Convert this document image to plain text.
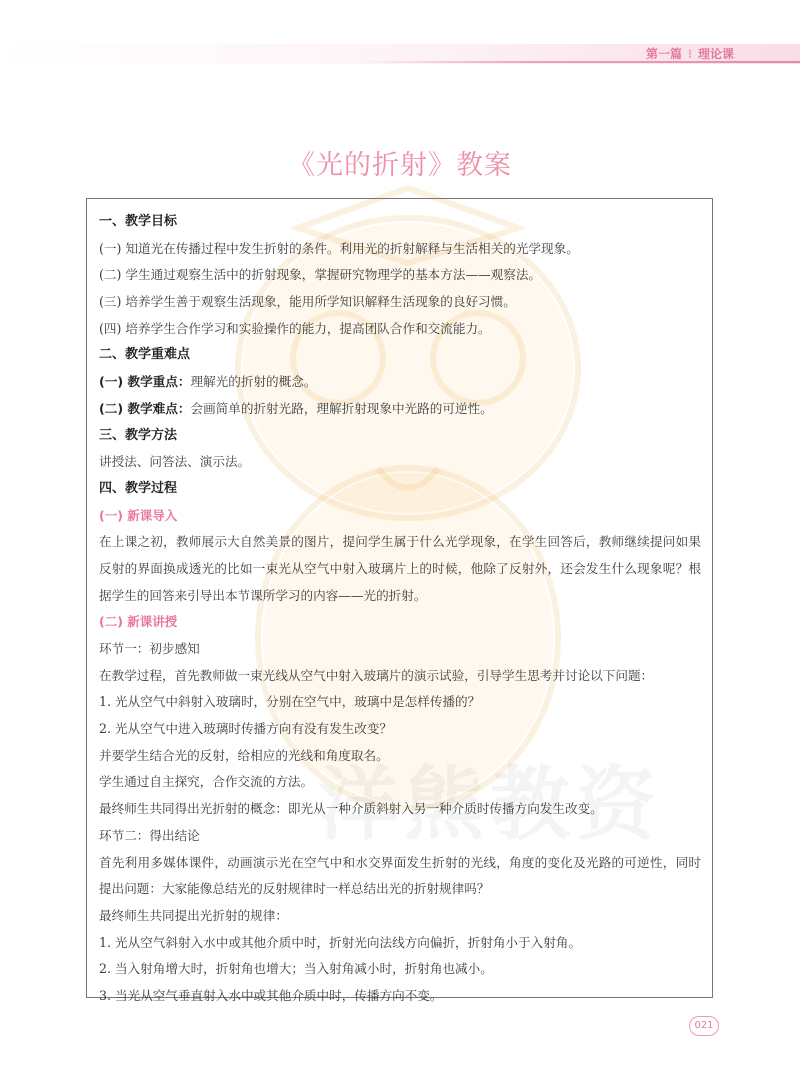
第一篇 ⁝ 理论课
《光的折射》教案

一、教学目标

(一) 知道光在传播过程中发生折射的条件。利用光的折射解释与生活相关的光学现象。

(二) 学生通过观察生活中的折射现象，掌握研究物理学的基本方法——观察法。

(三) 培养学生善于观察生活现象，能用所学知识解释生活现象的良好习惯。

(四) 培养学生合作学习和实验操作的能力，提高团队合作和交流能力。

二、教学重难点

(一) 教学重点：理解光的折射的概念。

(二) 教学难点：会画简单的折射光路，理解折射现象中光路的可逆性。

三、教学方法

讲授法、问答法、演示法。

四、教学过程

(一) 新课导入

在上课之初，教师展示大自然美景的图片，提问学生属于什么光学现象，在学生回答后，教师继续提问如果反射的界面换成透光的比如一束光从空气中射入玻璃片上的时候，他除了反射外，还会发生什么现象呢？根据学生的回答来引导出本节课所学习的内容——光的折射。

(二) 新课讲授

环节一：初步感知

在教学过程，首先教师做一束光线从空气中射入玻璃片的演示试验，引导学生思考并讨论以下问题：

1. 光从空气中斜射入玻璃时，分别在空气中，玻璃中是怎样传播的？

2. 光从空气中进入玻璃时传播方向有没有发生改变？

并要学生结合光的反射，给相应的光线和角度取名。

学生通过自主探究，合作交流的方法。

最终师生共同得出光折射的概念：即光从一种介质斜射入另一种介质时传播方向发生改变。

环节二：得出结论

首先利用多媒体课件，动画演示光在空气中和水交界面发生折射的光线，角度的变化及光路的可逆性，同时提出问题：大家能像总结光的反射规律时一样总结出光的折射规律吗？

最终师生共同提出光折射的规律：

1. 光从空气斜射入水中或其他介质中时，折射光向法线方向偏折，折射角小于入射角。

2. 当入射角增大时，折射角也增大；当入射角减小时，折射角也减小。

3. 当光从空气垂直射入水中或其他介质中时，传播方向不变。

021
